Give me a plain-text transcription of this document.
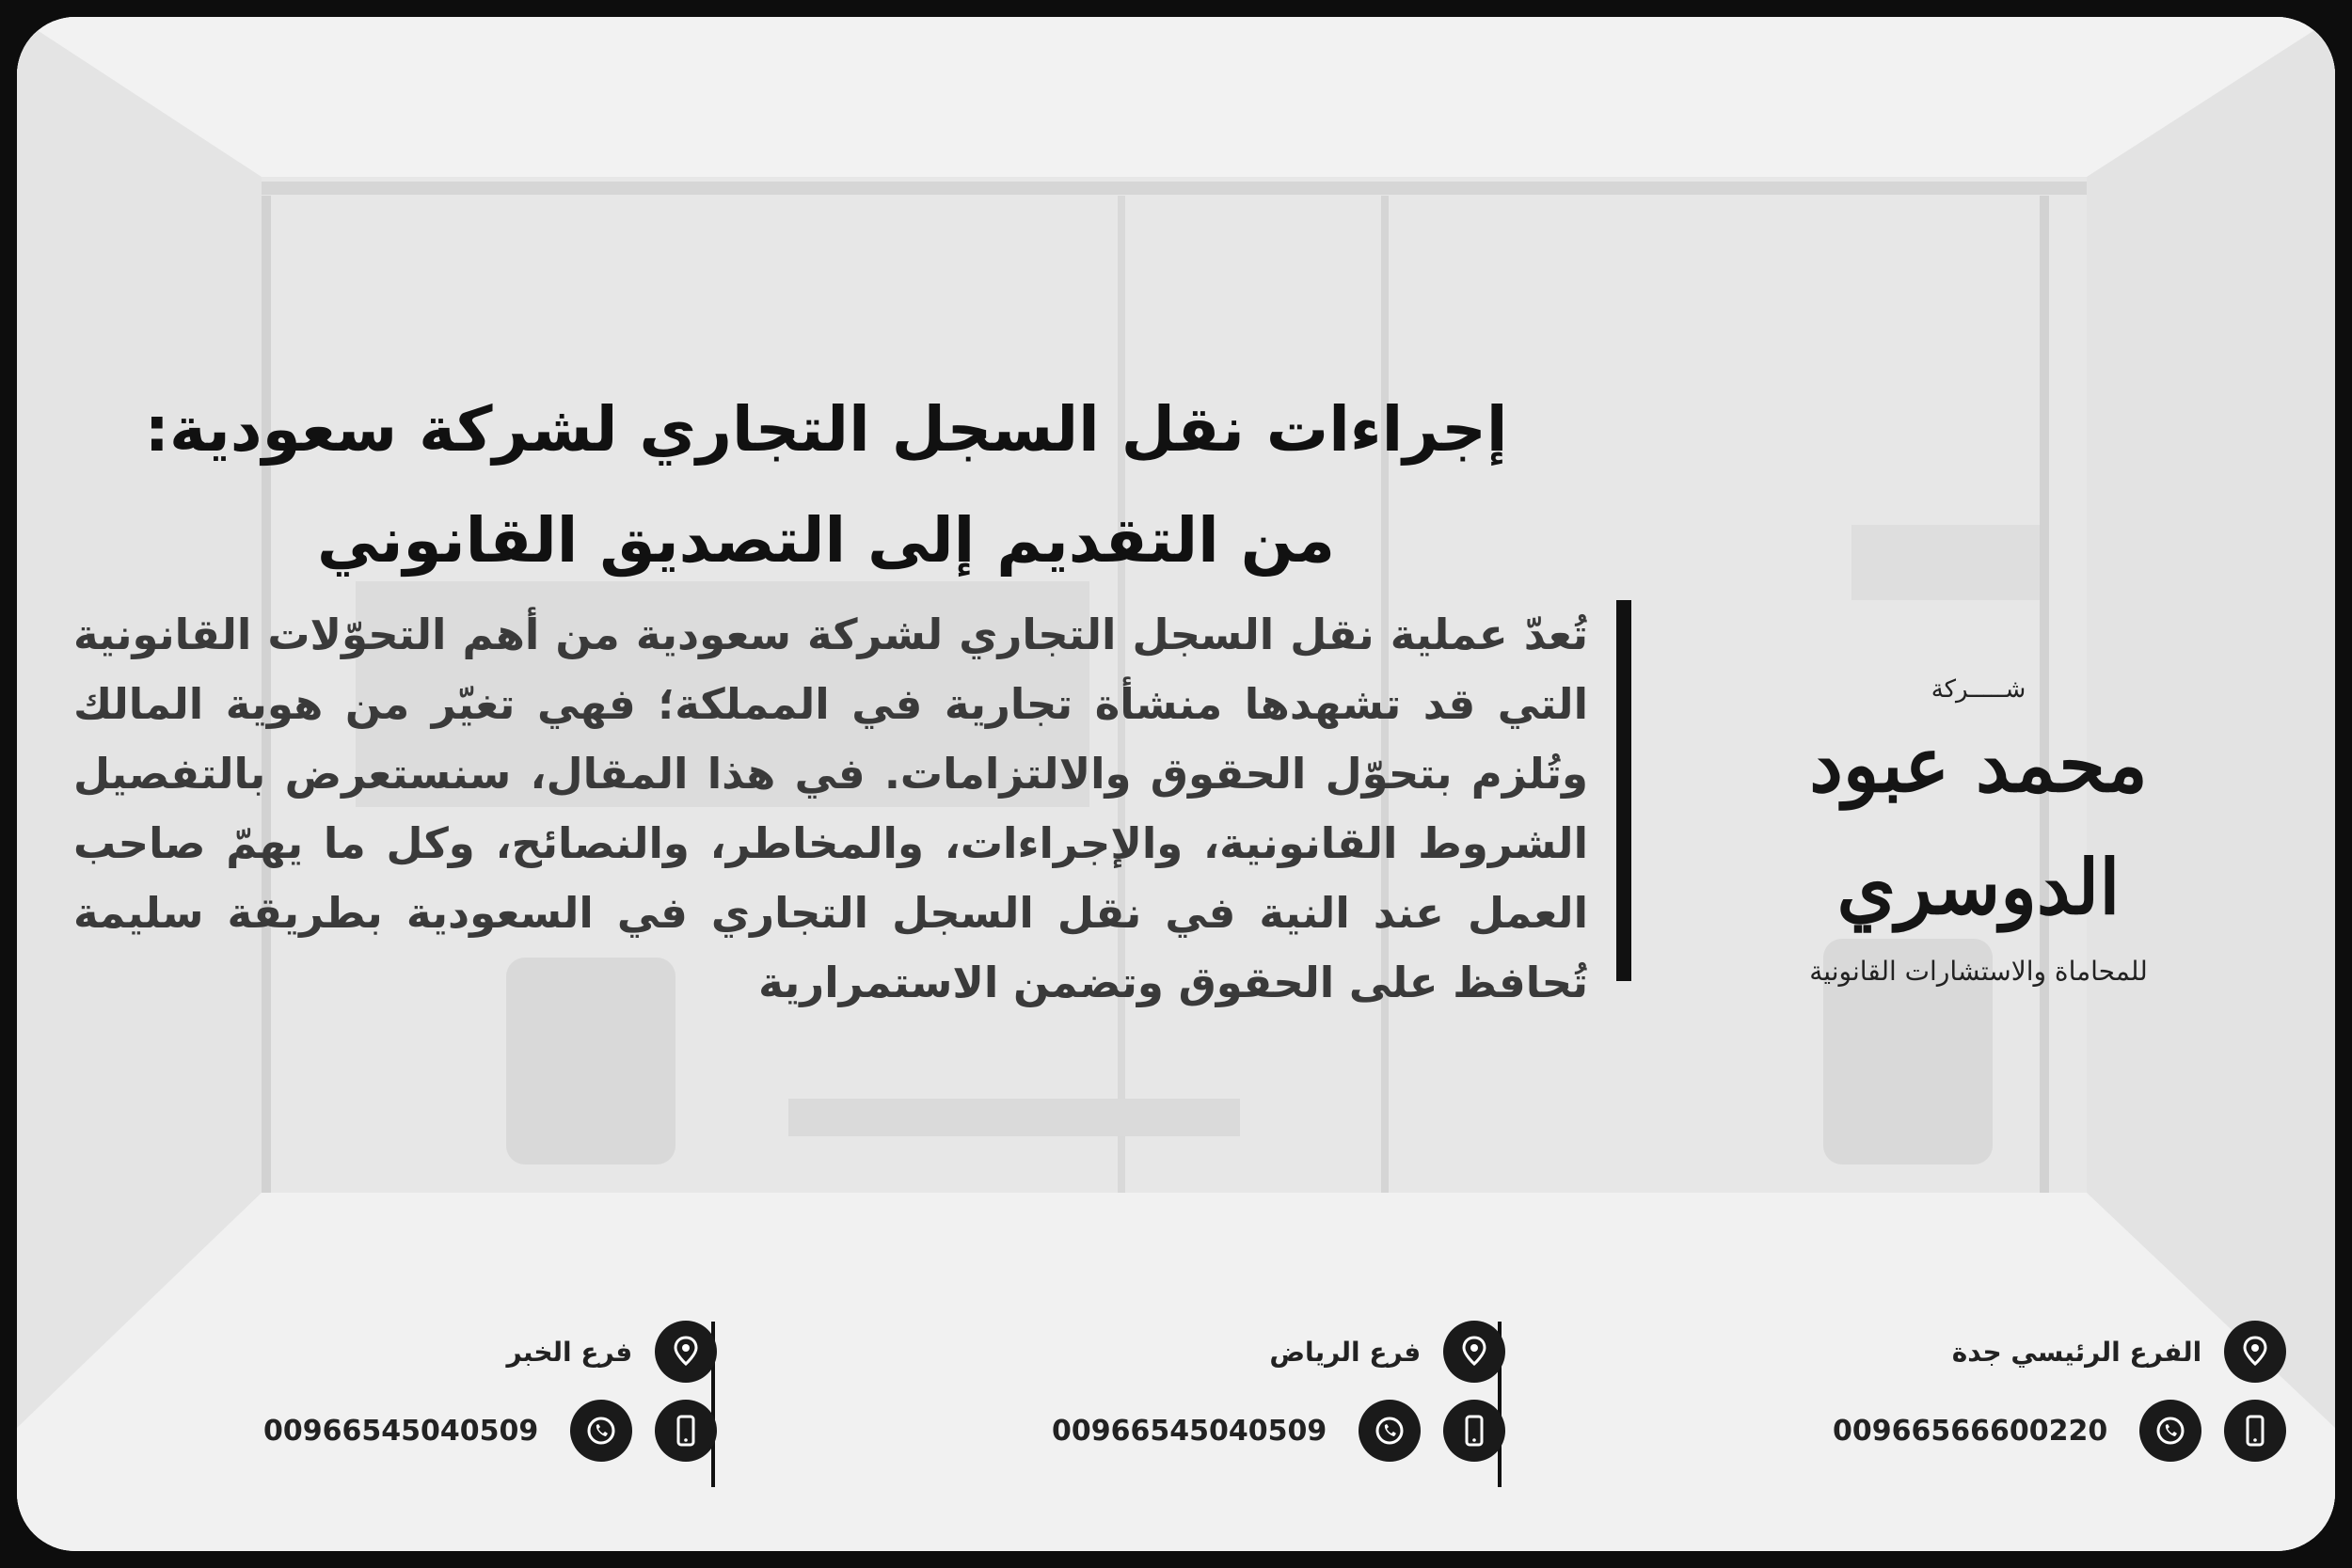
إجراءات نقل السجل التجاري لشركة سعودية:
من التقديم إلى التصديق القانوني
تُعدّ عملية نقل السجل التجاري لشركة سعودية من أهم التحوّلات القانونية التي قد تشهدها منشأة تجارية في المملكة؛ فهي تغيّر من هوية المالك وتُلزم بتحوّل الحقوق والالتزامات. في هذا المقال، سنستعرض بالتفصيل الشروط القانونية، والإجراءات، والمخاطر، والنصائح، وكل ما يهمّ صاحب العمل عند النية في نقل السجل التجاري في السعودية بطريقة سليمة تُحافظ على الحقوق وتضمن الاستمرارية
شـــــركة
محمد عبود الدوسري
للمحاماة والاستشارات القانونية
الفرع الرئيسي جدة
00966566600220
فرع الرياض
00966545040509
فرع الخبر
00966545040509
